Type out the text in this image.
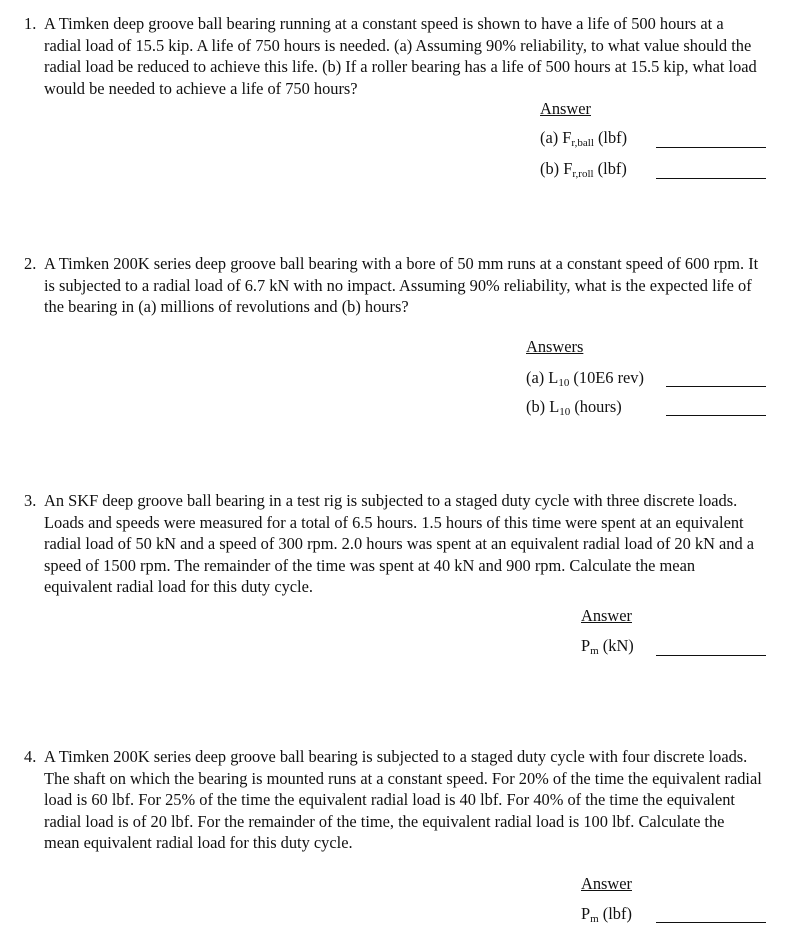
1. A Timken deep groove ball bearing running at a constant speed is shown to have a life of 500 hours at a radial load of 15.5 kip. A life of 750 hours is needed. (a) Assuming 90% reliability, to what value should the radial load be reduced to achieve this life. (b) If a roller bearing has a life of 500 hours at 15.5 kip, what load would be needed to achieve a life of 750 hours?
Answer
(a) $F_{r,ball}$ (lbf)
(b) $F_{r,roll}$ (lbf)
2. A Timken 200K series deep groove ball bearing with a bore of 50 mm runs at a constant speed of 600 rpm. It is subjected to a radial load of 6.7 kN with no impact. Assuming 90% reliability, what is the expected life of the bearing in (a) millions of revolutions and (b) hours?
Answers
(a) $L_{10}$ (10E6 rev)
(b) $L_{10}$ (hours)
3. An SKF deep groove ball bearing in a test rig is subjected to a staged duty cycle with three discrete loads. Loads and speeds were measured for a total of 6.5 hours. 1.5 hours of this time were spent at an equivalent radial load of 50 kN and a speed of 300 rpm. 2.0 hours was spent at an equivalent radial load of 20 kN and a speed of 1500 rpm. The remainder of the time was spent at 40 kN and 900 rpm. Calculate the mean equivalent radial load for this duty cycle.
Answer
$P_m$ (kN)
4. A Timken 200K series deep groove ball bearing is subjected to a staged duty cycle with four discrete loads. The shaft on which the bearing is mounted runs at a constant speed. For 20% of the time the equivalent radial load is 60 lbf. For 25% of the time the equivalent radial load is 40 lbf. For 40% of the time the equivalent radial load is of 20 lbf. For the remainder of the time, the equivalent radial load is 100 lbf. Calculate the mean equivalent radial load for this duty cycle.
Answer
$P_m$ (lbf)
